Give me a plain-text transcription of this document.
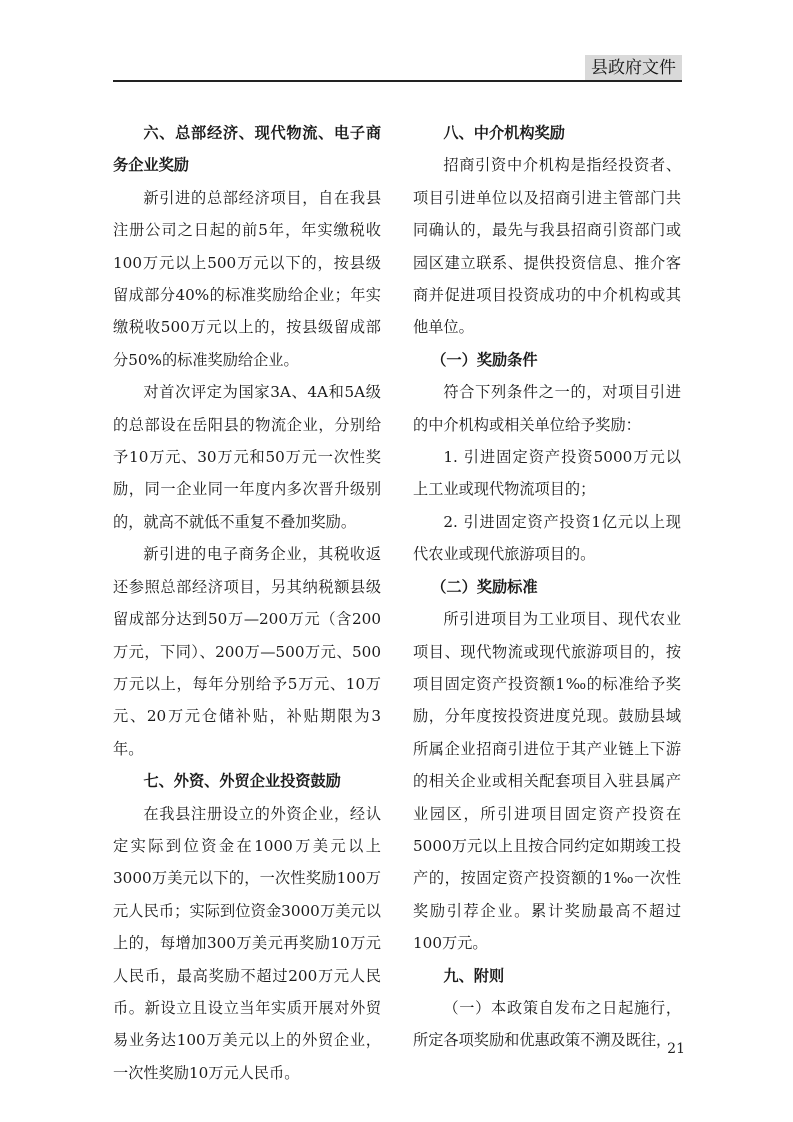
县政府文件

六、总部经济、现代物流、电子商务企业奖励

新引进的总部经济项目，自在我县注册公司之日起的前5年，年实缴税收100万元以上500万元以下的，按县级留成部分40%的标准奖励给企业；年实缴税收500万元以上的，按县级留成部分50%的标准奖励给企业。

对首次评定为国家3A、4A和5A级的总部设在岳阳县的物流企业，分别给予10万元、30万元和50万元一次性奖励，同一企业同一年度内多次晋升级别的，就高不就低不重复不叠加奖励。

新引进的电子商务企业，其税收返还参照总部经济项目，另其纳税额县级留成部分达到50万—200万元（含200万元，下同）、200万—500万元、500万元以上，每年分别给予5万元、10万元、20万元仓储补贴，补贴期限为3年。

七、外资、外贸企业投资鼓励

在我县注册设立的外资企业，经认定实际到位资金在1000万美元以上3000万美元以下的，一次性奖励100万元人民币；实际到位资金3000万美元以上的，每增加300万美元再奖励10万元人民币，最高奖励不超过200万元人民币。新设立且设立当年实质开展对外贸易业务达100万美元以上的外贸企业，一次性奖励10万元人民币。

八、中介机构奖励

招商引资中介机构是指经投资者、项目引进单位以及招商引进主管部门共同确认的，最先与我县招商引资部门或园区建立联系、提供投资信息、推介客商并促进项目投资成功的中介机构或其他单位。

（一）奖励条件

符合下列条件之一的，对项目引进的中介机构或相关单位给予奖励：

1. 引进固定资产投资5000万元以上工业或现代物流项目的；

2. 引进固定资产投资1亿元以上现代农业或现代旅游项目的。

（二）奖励标准

所引进项目为工业项目、现代农业项目、现代物流或现代旅游项目的，按项目固定资产投资额1‰的标准给予奖励，分年度按投资进度兑现。鼓励县域所属企业招商引进位于其产业链上下游的相关企业或相关配套项目入驻县属产业园区，所引进项目固定资产投资在5000万元以上且按合同约定如期竣工投产的，按固定资产投资额的1‰一次性奖励引荐企业。累计奖励最高不超过100万元。

九、附则

（一）本政策自发布之日起施行，所定各项奖励和优惠政策不溯及既往，

21
